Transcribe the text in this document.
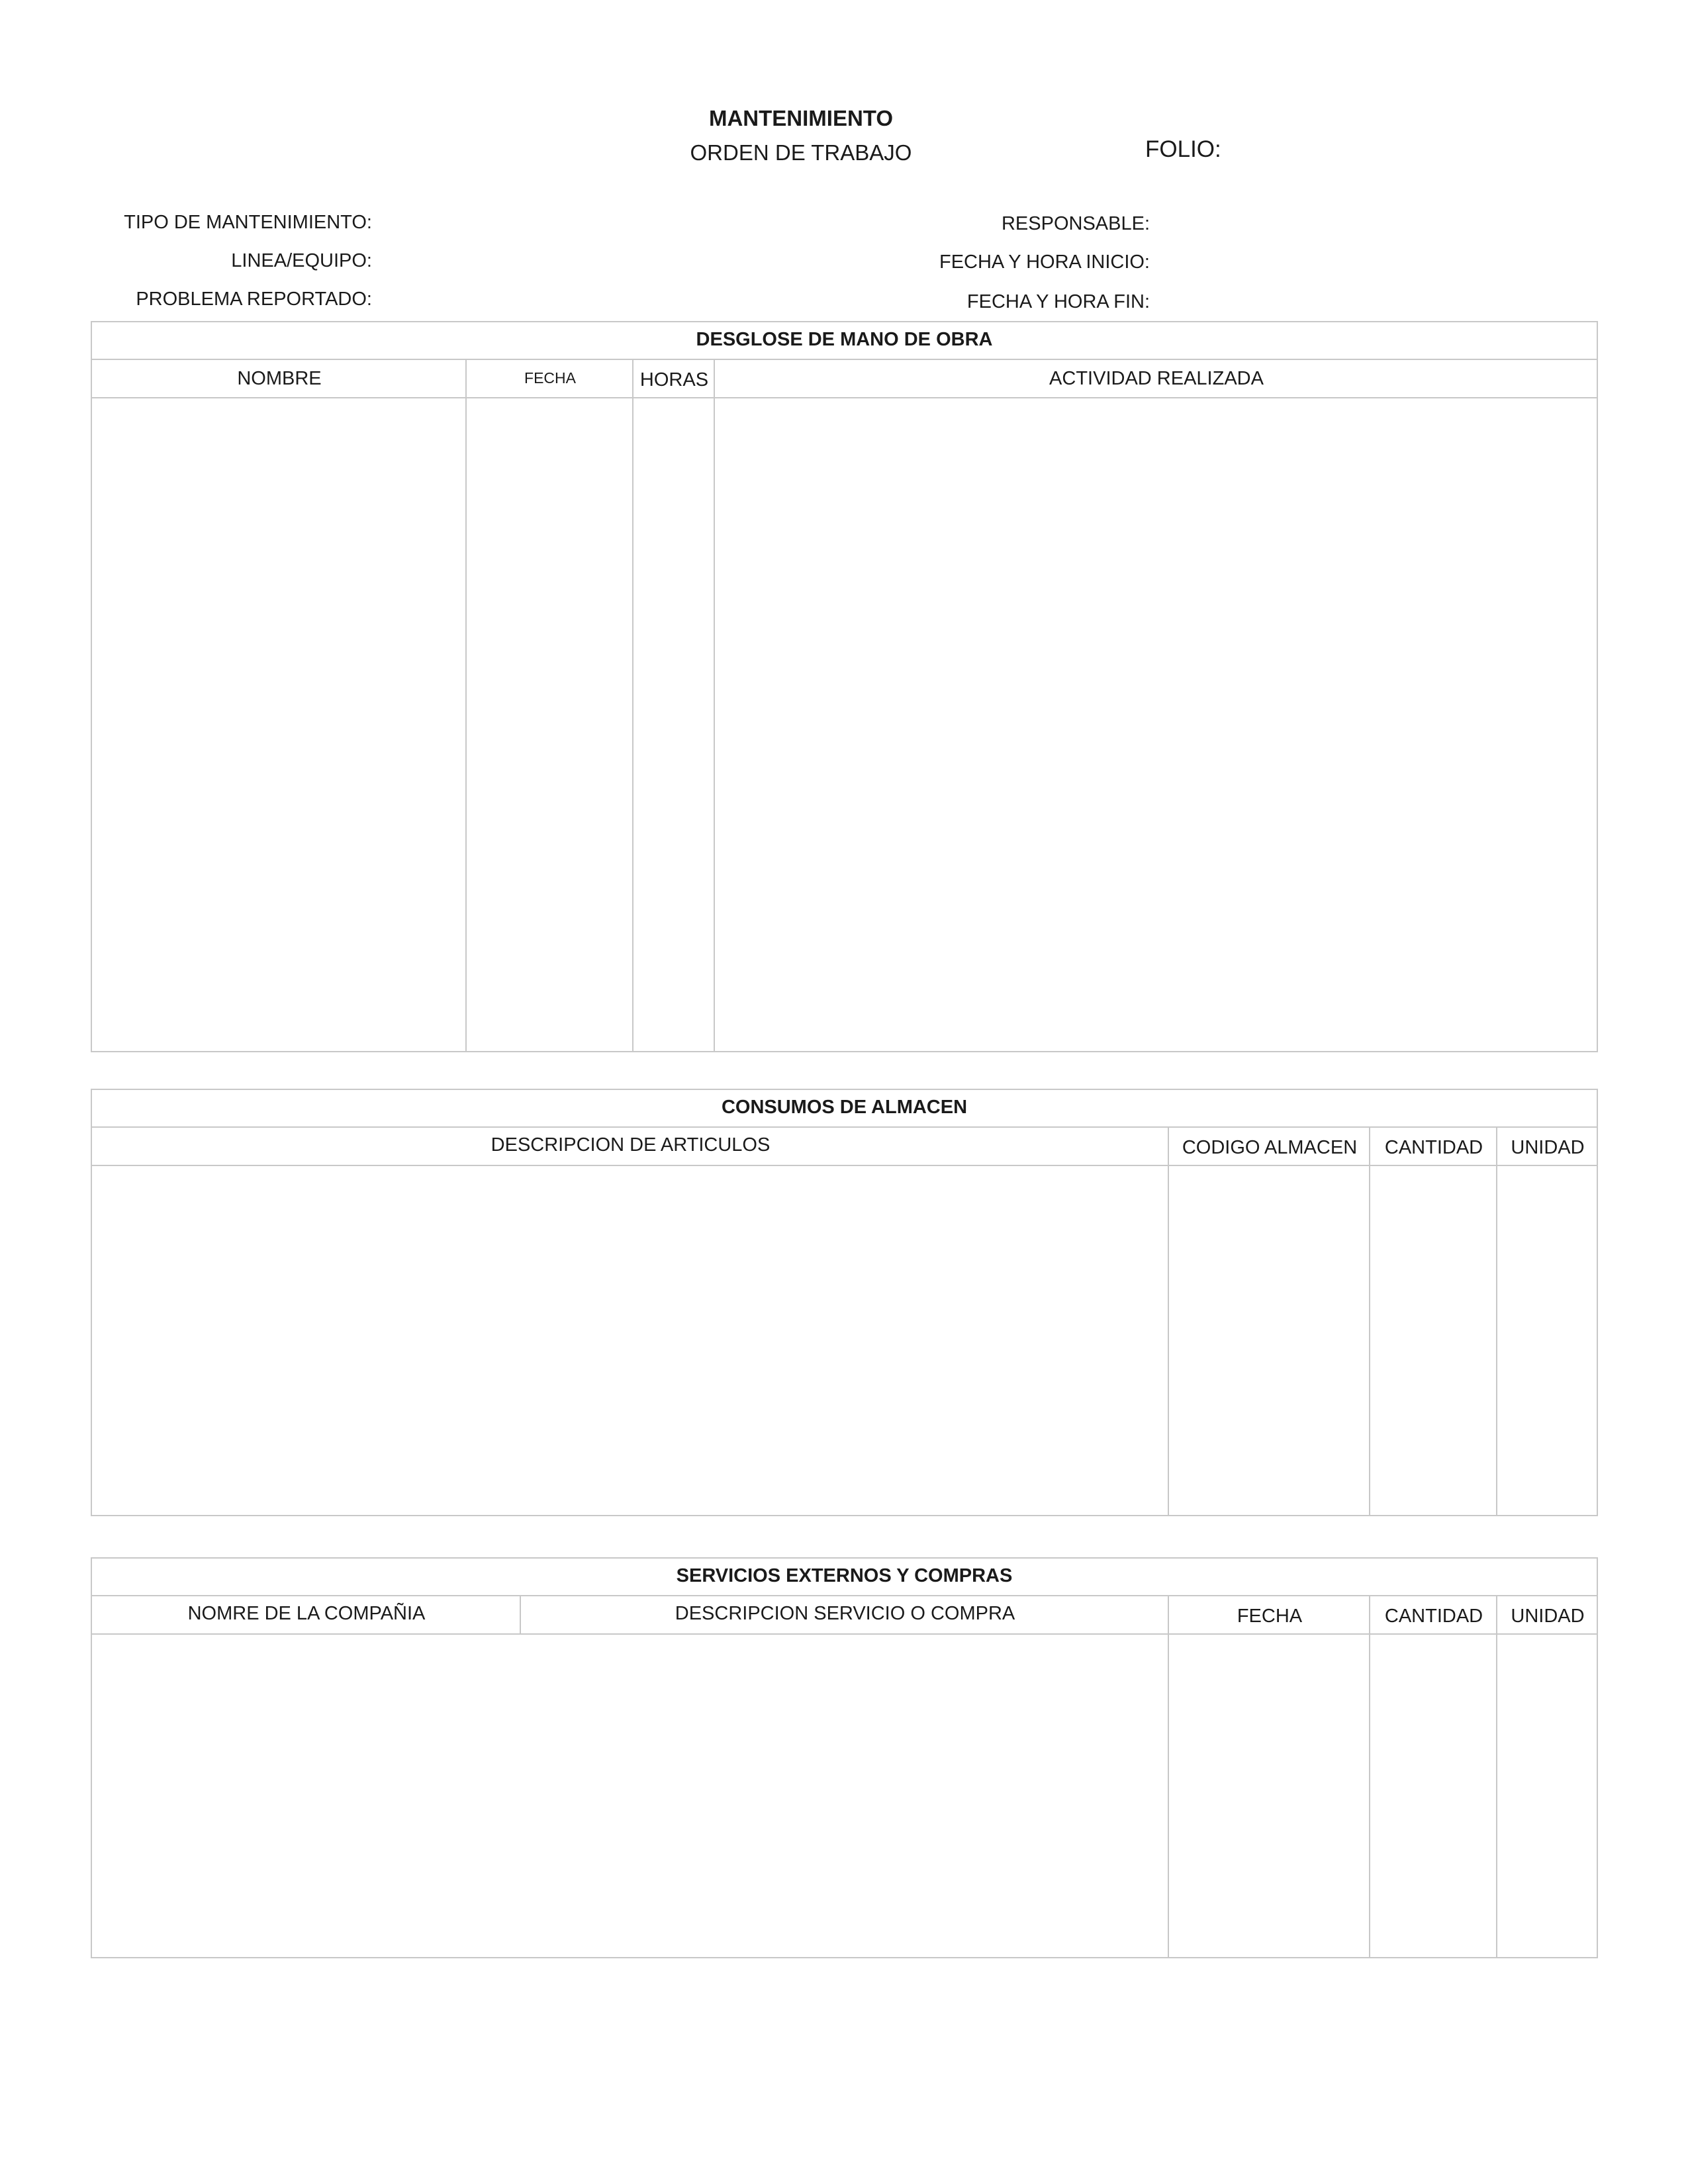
MANTENIMIENTO
ORDEN DE TRABAJO	FOLIO:
TIPO DE MANTENIMIENTO:
LINEA/EQUIPO:
PROBLEMA REPORTADO:
RESPONSABLE:
FECHA Y HORA INICIO:
FECHA Y HORA FIN:
DESGLOSE DE MANO DE OBRA
NOMBRE	FECHA	HORAS	ACTIVIDAD REALIZADA
CONSUMOS DE ALMACEN
DESCRIPCION DE ARTICULOS	CODIGO ALMACEN	CANTIDAD	UNIDAD
SERVICIOS EXTERNOS Y COMPRAS
NOMRE DE LA COMPAÑIA	DESCRIPCION SERVICIO O COMPRA	FECHA	CANTIDAD	UNIDAD
